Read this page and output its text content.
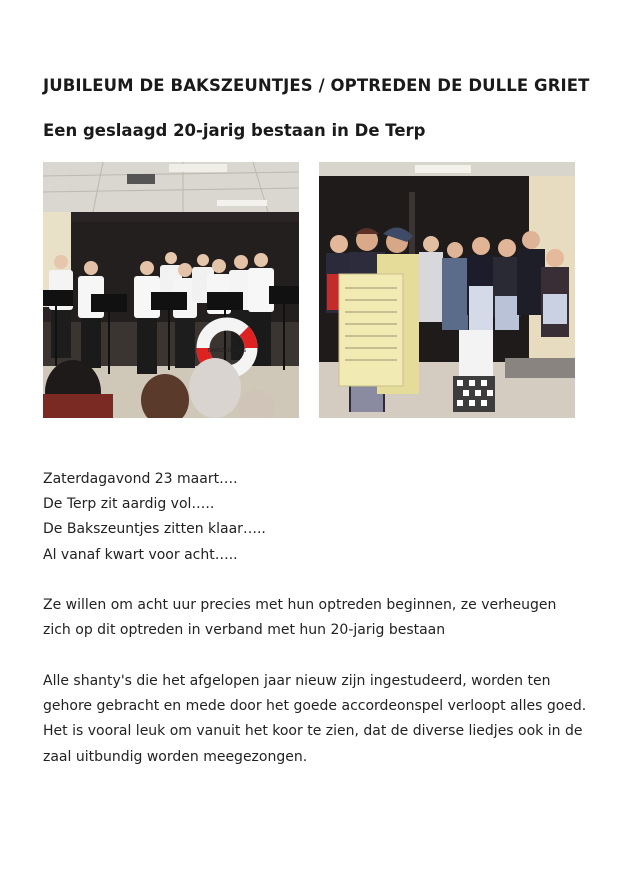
JUBILEUM DE BAKSZEUNTJES / OPTREDEN DE DULLE GRIET
Een geslaagd 20-jarig bestaan in De Terp
BAKSZEUNTJES

Zaterdagavond 23 maart….

De Terp zit aardig vol…..

De Bakszeuntjes zitten klaar…..

Al vanaf kwart voor acht…..

Ze willen om acht uur precies met hun optreden beginnen, ze verheugen zich op dit optreden in verband met hun 20-jarig bestaan

Alle shanty's die het afgelopen jaar nieuw zijn ingestudeerd, worden ten gehore gebracht en mede door het goede accordeonspel verloopt alles goed. Het is vooral leuk om vanuit het koor te zien, dat de diverse liedjes ook in de zaal uitbundig worden meegezongen.
